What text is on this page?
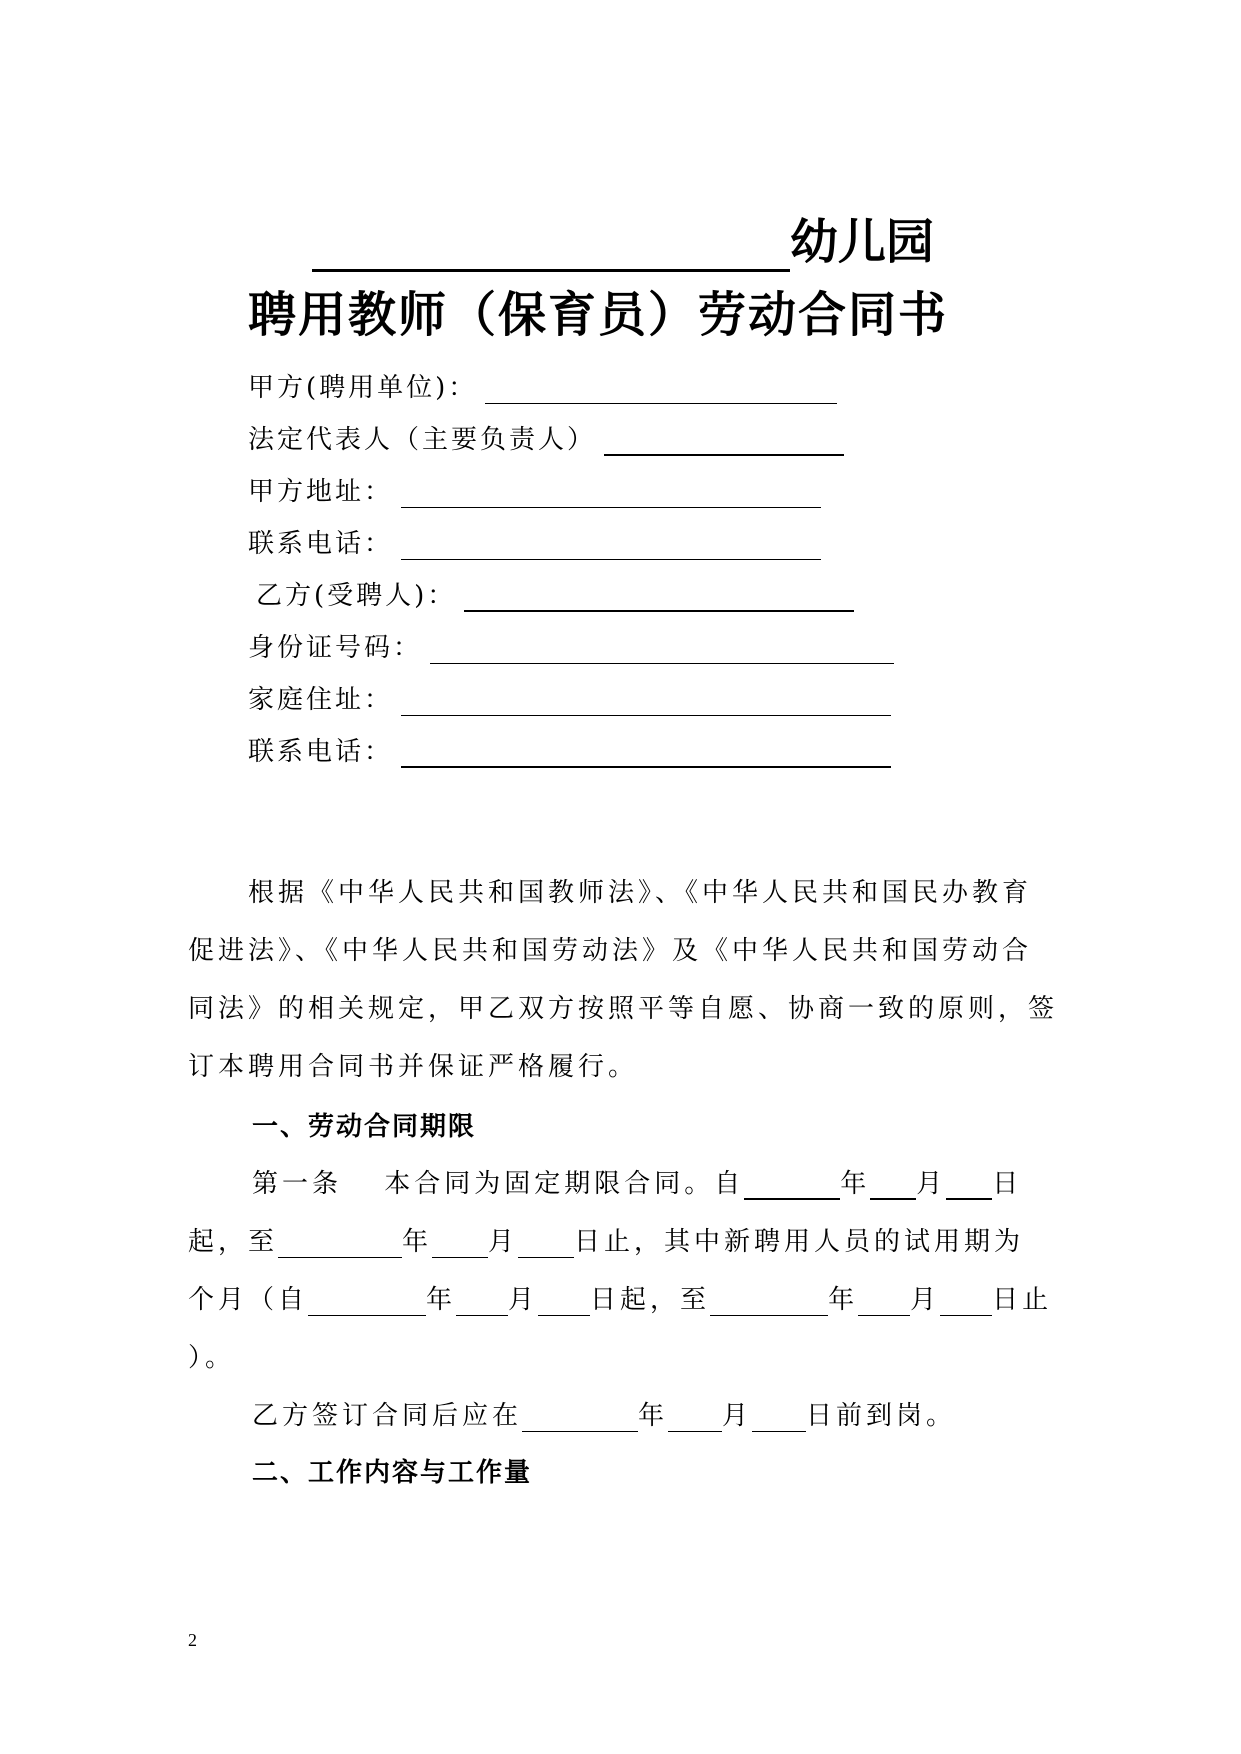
幼儿园
聘用教师（保育员）劳动合同书
甲方(聘用单位)：
法定代表人（主要负责人）
甲方地址：
联系电话：
乙方(受聘人)：
身份证号码：
家庭住址：
联系电话：
根据《中华人民共和国教师法》、《中华人民共和国民办教育促进法》、《中华人民共和国劳动法》及《中华人民共和国劳动合同法》的相关规定，甲乙双方按照平等自愿、协商一致的原则，签订本聘用合同书并保证严格履行。
一、劳动合同期限
第一条　 本合同为固定期限合同。自	年 月 日
起，至	年 月 日止，其中新聘用人员的试用期为
个月（自	年 月 日起，至	年 月 日止
）。
乙方签订合同后应在	年 月 日前到岗。
二、工作内容与工作量
2
